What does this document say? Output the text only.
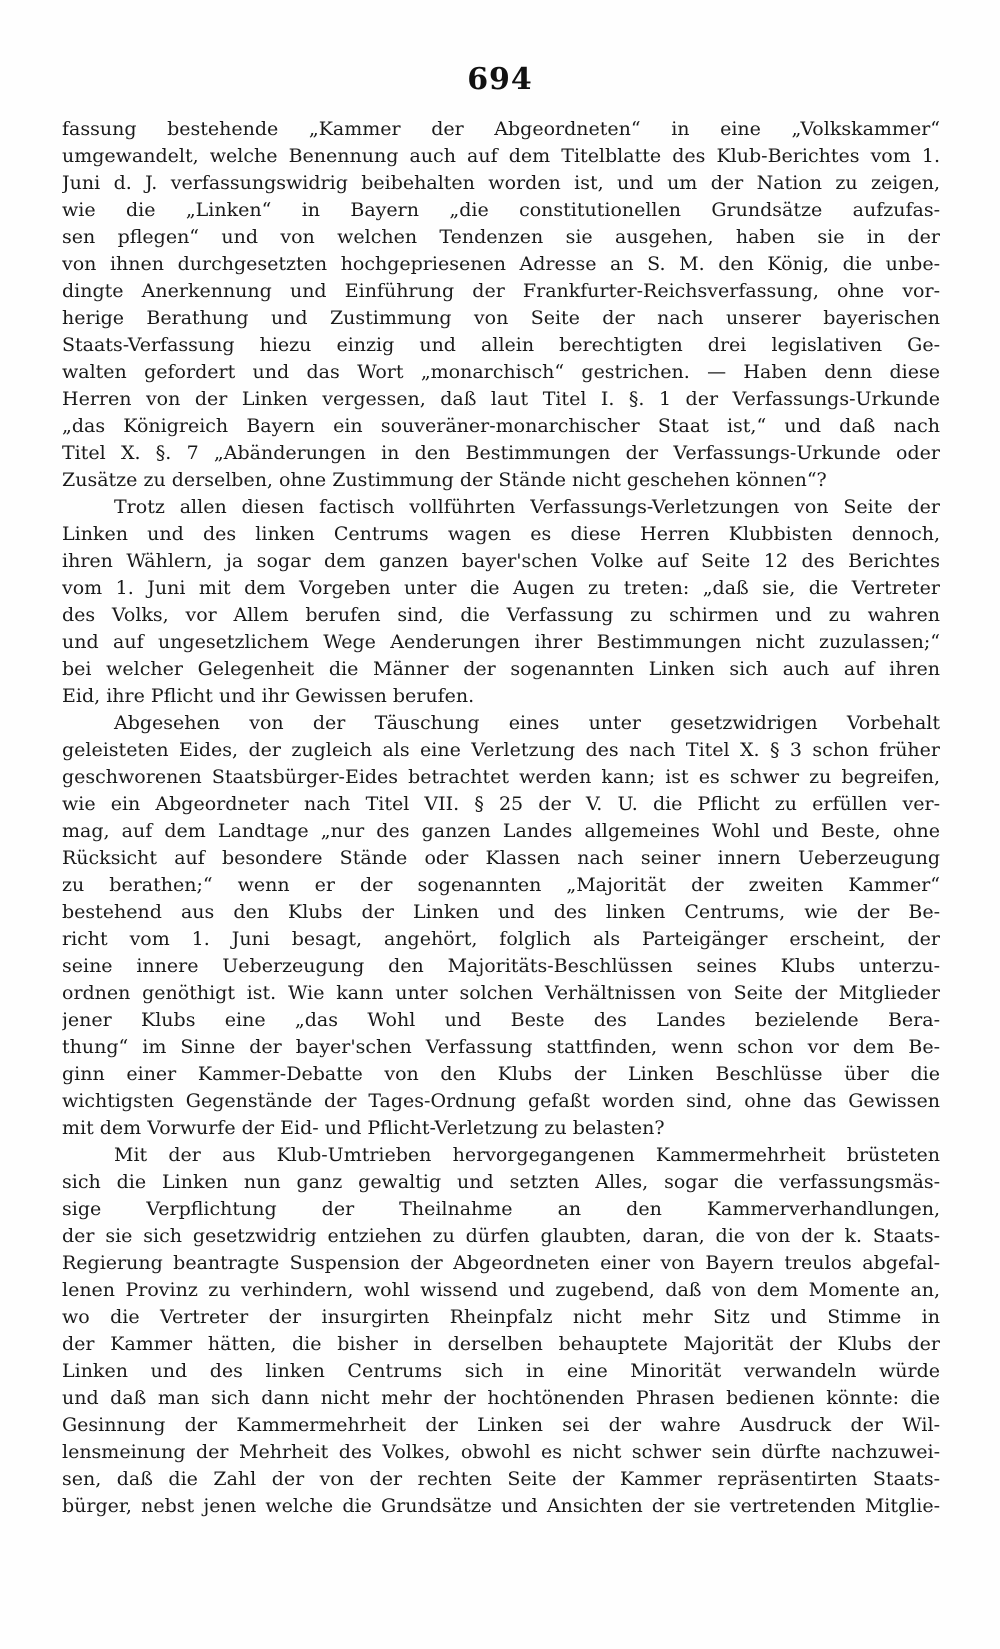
694
fassung bestehende „Kammer der Abgeordneten“ in eine „Volkskammer“
umgewandelt, welche Benennung auch auf dem Titelblatte des Klub-Berichtes vom 1.
Juni d. J. verfassungswidrig beibehalten worden ist, und um der Nation zu zeigen,
wie die „Linken“ in Bayern „die constitutionellen Grundsätze aufzufas-
sen pflegen“ und von welchen Tendenzen sie ausgehen, haben sie in der
von ihnen durchgesetzten hochgepriesenen Adresse an S. M. den König, die unbe-
dingte Anerkennung und Einführung der Frankfurter-Reichsverfassung, ohne vor-
herige Berathung und Zustimmung von Seite der nach unserer bayerischen
Staats-Verfassung hiezu einzig und allein berechtigten drei legislativen Ge-
walten gefordert und das Wort „monarchisch“ gestrichen. — Haben denn diese
Herren von der Linken vergessen, daß laut Titel I. §. 1 der Verfassungs-Urkunde
„das Königreich Bayern ein souveräner-monarchischer Staat ist,“ und daß nach
Titel X. §. 7 „Abänderungen in den Bestimmungen der Verfassungs-Urkunde oder
Zusätze zu derselben, ohne Zustimmung der Stände nicht geschehen können“?
Trotz allen diesen factisch vollführten Verfassungs-Verletzungen von Seite der
Linken und des linken Centrums wagen es diese Herren Klubbisten dennoch,
ihren Wählern, ja sogar dem ganzen bayer'schen Volke auf Seite 12 des Berichtes
vom 1. Juni mit dem Vorgeben unter die Augen zu treten: „daß sie, die Vertreter
des Volks, vor Allem berufen sind, die Verfassung zu schirmen und zu wahren
und auf ungesetzlichem Wege Aenderungen ihrer Bestimmungen nicht zuzulassen;“
bei welcher Gelegenheit die Männer der sogenannten Linken sich auch auf ihren
Eid, ihre Pflicht und ihr Gewissen berufen.
Abgesehen von der Täuschung eines unter gesetzwidrigen Vorbehalt
geleisteten Eides, der zugleich als eine Verletzung des nach Titel X. § 3 schon früher
geschworenen Staatsbürger-Eides betrachtet werden kann; ist es schwer zu begreifen,
wie ein Abgeordneter nach Titel VII. § 25 der V. U. die Pflicht zu erfüllen ver-
mag, auf dem Landtage „nur des ganzen Landes allgemeines Wohl und Beste, ohne
Rücksicht auf besondere Stände oder Klassen nach seiner innern Ueberzeugung
zu berathen;“ wenn er der sogenannten „Majorität der zweiten Kammer“
bestehend aus den Klubs der Linken und des linken Centrums, wie der Be-
richt vom 1. Juni besagt, angehört, folglich als Parteigänger erscheint, der
seine innere Ueberzeugung den Majoritäts-Beschlüssen seines Klubs unterzu-
ordnen genöthigt ist. Wie kann unter solchen Verhältnissen von Seite der Mitglieder
jener Klubs eine „das Wohl und Beste des Landes bezielende Bera-
thung“ im Sinne der bayer'schen Verfassung stattfinden, wenn schon vor dem Be-
ginn einer Kammer-Debatte von den Klubs der Linken Beschlüsse über die
wichtigsten Gegenstände der Tages-Ordnung gefaßt worden sind, ohne das Gewissen
mit dem Vorwurfe der Eid- und Pflicht-Verletzung zu belasten?
Mit der aus Klub-Umtrieben hervorgegangenen Kammermehrheit brüsteten
sich die Linken nun ganz gewaltig und setzten Alles, sogar die verfassungsmäs-
sige Verpflichtung der Theilnahme an den Kammerverhandlungen,
der sie sich gesetzwidrig entziehen zu dürfen glaubten, daran, die von der k. Staats-
Regierung beantragte Suspension der Abgeordneten einer von Bayern treulos abgefal-
lenen Provinz zu verhindern, wohl wissend und zugebend, daß von dem Momente an,
wo die Vertreter der insurgirten Rheinpfalz nicht mehr Sitz und Stimme in
der Kammer hätten, die bisher in derselben behauptete Majorität der Klubs der
Linken und des linken Centrums sich in eine Minorität verwandeln würde
und daß man sich dann nicht mehr der hochtönenden Phrasen bedienen könnte: die
Gesinnung der Kammermehrheit der Linken sei der wahre Ausdruck der Wil-
lensmeinung der Mehrheit des Volkes, obwohl es nicht schwer sein dürfte nachzuwei-
sen, daß die Zahl der von der rechten Seite der Kammer repräsentirten Staats-
bürger, nebst jenen welche die Grundsätze und Ansichten der sie vertretenden Mitglie-
